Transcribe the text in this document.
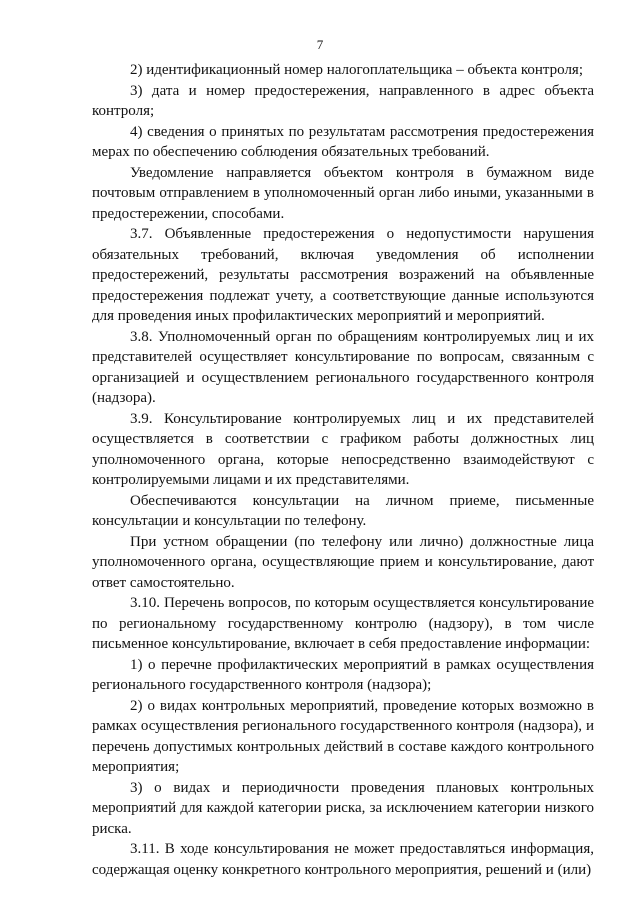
7

2) идентификационный номер налогоплательщика – объекта контроля;

3) дата и номер предостережения, направленного в адрес объекта контроля;

4) сведения о принятых по результатам рассмотрения предостережения мерах по обеспечению соблюдения обязательных требований.

Уведомление направляется объектом контроля в бумажном виде почтовым отправлением в уполномоченный орган либо иными, указанными в предостережении, способами.

3.7. Объявленные предостережения о недопустимости нарушения обязательных требований, включая уведомления об исполнении предостережений, результаты рассмотрения возражений на объявленные предостережения подлежат учету, а соответствующие данные используются для проведения иных профилактических мероприятий и мероприятий.

3.8. Уполномоченный орган по обращениям контролируемых лиц и их представителей осуществляет консультирование по вопросам, связанным с организацией и осуществлением регионального государственного контроля (надзора).

3.9. Консультирование контролируемых лиц и их представителей осуществляется в соответствии с графиком работы должностных лиц уполномоченного органа, которые непосредственно взаимодействуют с контролируемыми лицами и их представителями.

Обеспечиваются консультации на личном приеме, письменные консультации и консультации по телефону.

При устном обращении (по телефону или лично) должностные лица уполномоченного органа, осуществляющие прием и консультирование, дают ответ самостоятельно.

3.10. Перечень вопросов, по которым осуществляется консультирование по региональному государственному контролю (надзору), в том числе письменное консультирование, включает в себя предоставление информации:

1) о перечне профилактических мероприятий в рамках осуществления регионального государственного контроля (надзора);

2) о видах контрольных мероприятий, проведение которых возможно в рамках осуществления регионального государственного контроля (надзора), и перечень допустимых контрольных действий в составе каждого контрольного мероприятия;

3) о видах и периодичности проведения плановых контрольных мероприятий для каждой категории риска, за исключением категории низкого риска.

3.11. В ходе консультирования не может предоставляться информация, содержащая оценку конкретного контрольного мероприятия, решений и (или)
